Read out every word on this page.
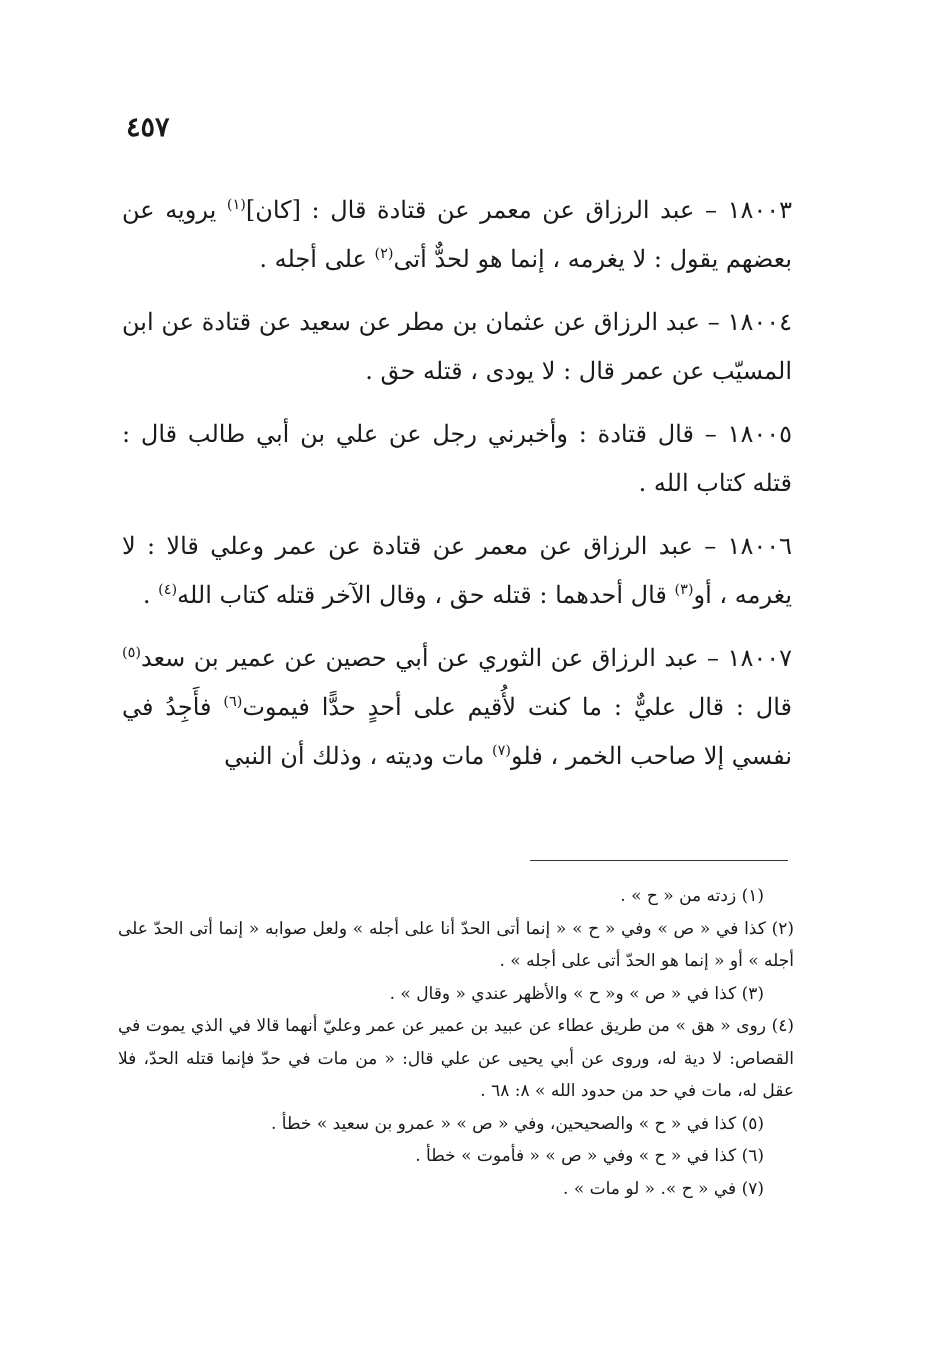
٤٥٧

١٨٠٠٣ – عبد الرزاق عن معمر عن قتادة قال : [كان]$^{(١)}$ يرويه عن بعضهم يقول : لا يغرمه ، إنما هو لحدٌّ أتى$^{(٢)}$ على أجله .

١٨٠٠٤ – عبد الرزاق عن عثمان بن مطر عن سعيد عن قتادة عن ابن المسيّب عن عمر قال : لا يودى ، قتله حق .

١٨٠٠٥ – قال قتادة : وأخبرني رجل عن علي بن أبي طالب قال : قتله كتاب الله .

١٨٠٠٦ – عبد الرزاق عن معمر عن قتادة عن عمر وعلي قالا : لا يغرمه ، أو$^{(٣)}$ قال أحدهما : قتله حق ، وقال الآخر قتله كتاب الله$^{(٤)}$ .

١٨٠٠٧ – عبد الرزاق عن الثوري عن أبي حصين عن عمير بن سعد$^{(٥)}$ قال : قال عليٌّ : ما كنت لأُقيم على أحدٍ حدًّا فيموت$^{(٦)}$ فأَجِدُ في نفسي إلا صاحب الخمر ، فلو$^{(٧)}$ مات وديته ، وذلك أن النبي

(١) زدته من « ح » .

(٢) كذا في « ص » وفي « ح » « إنما أتى الحدّ أنا على أجله » ولعل صوابه « إنما أتى الحدّ على أجله » أو « إنما هو الحدّ أتى على أجله » .

(٣) كذا في « ص » و« ح » والأظهر عندي « وقال » .

(٤) روى « هق » من طريق عطاء عن عبيد بن عمير عن عمر وعليّ أنهما قالا في الذي يموت في القصاص: لا دية له، وروى عن أبي يحيى عن علي قال: « من مات في حدّ فإنما قتله الحدّ، فلا عقل له، مات في حد من حدود الله » ٨: ٦٨ .

(٥) كذا في « ح » والصحيحين، وفي « ص » « عمرو بن سعيد » خطأ .

(٦) كذا في « ح » وفي « ص » « فأموت » خطأ .

(٧) في « ح ». « لو مات » .
